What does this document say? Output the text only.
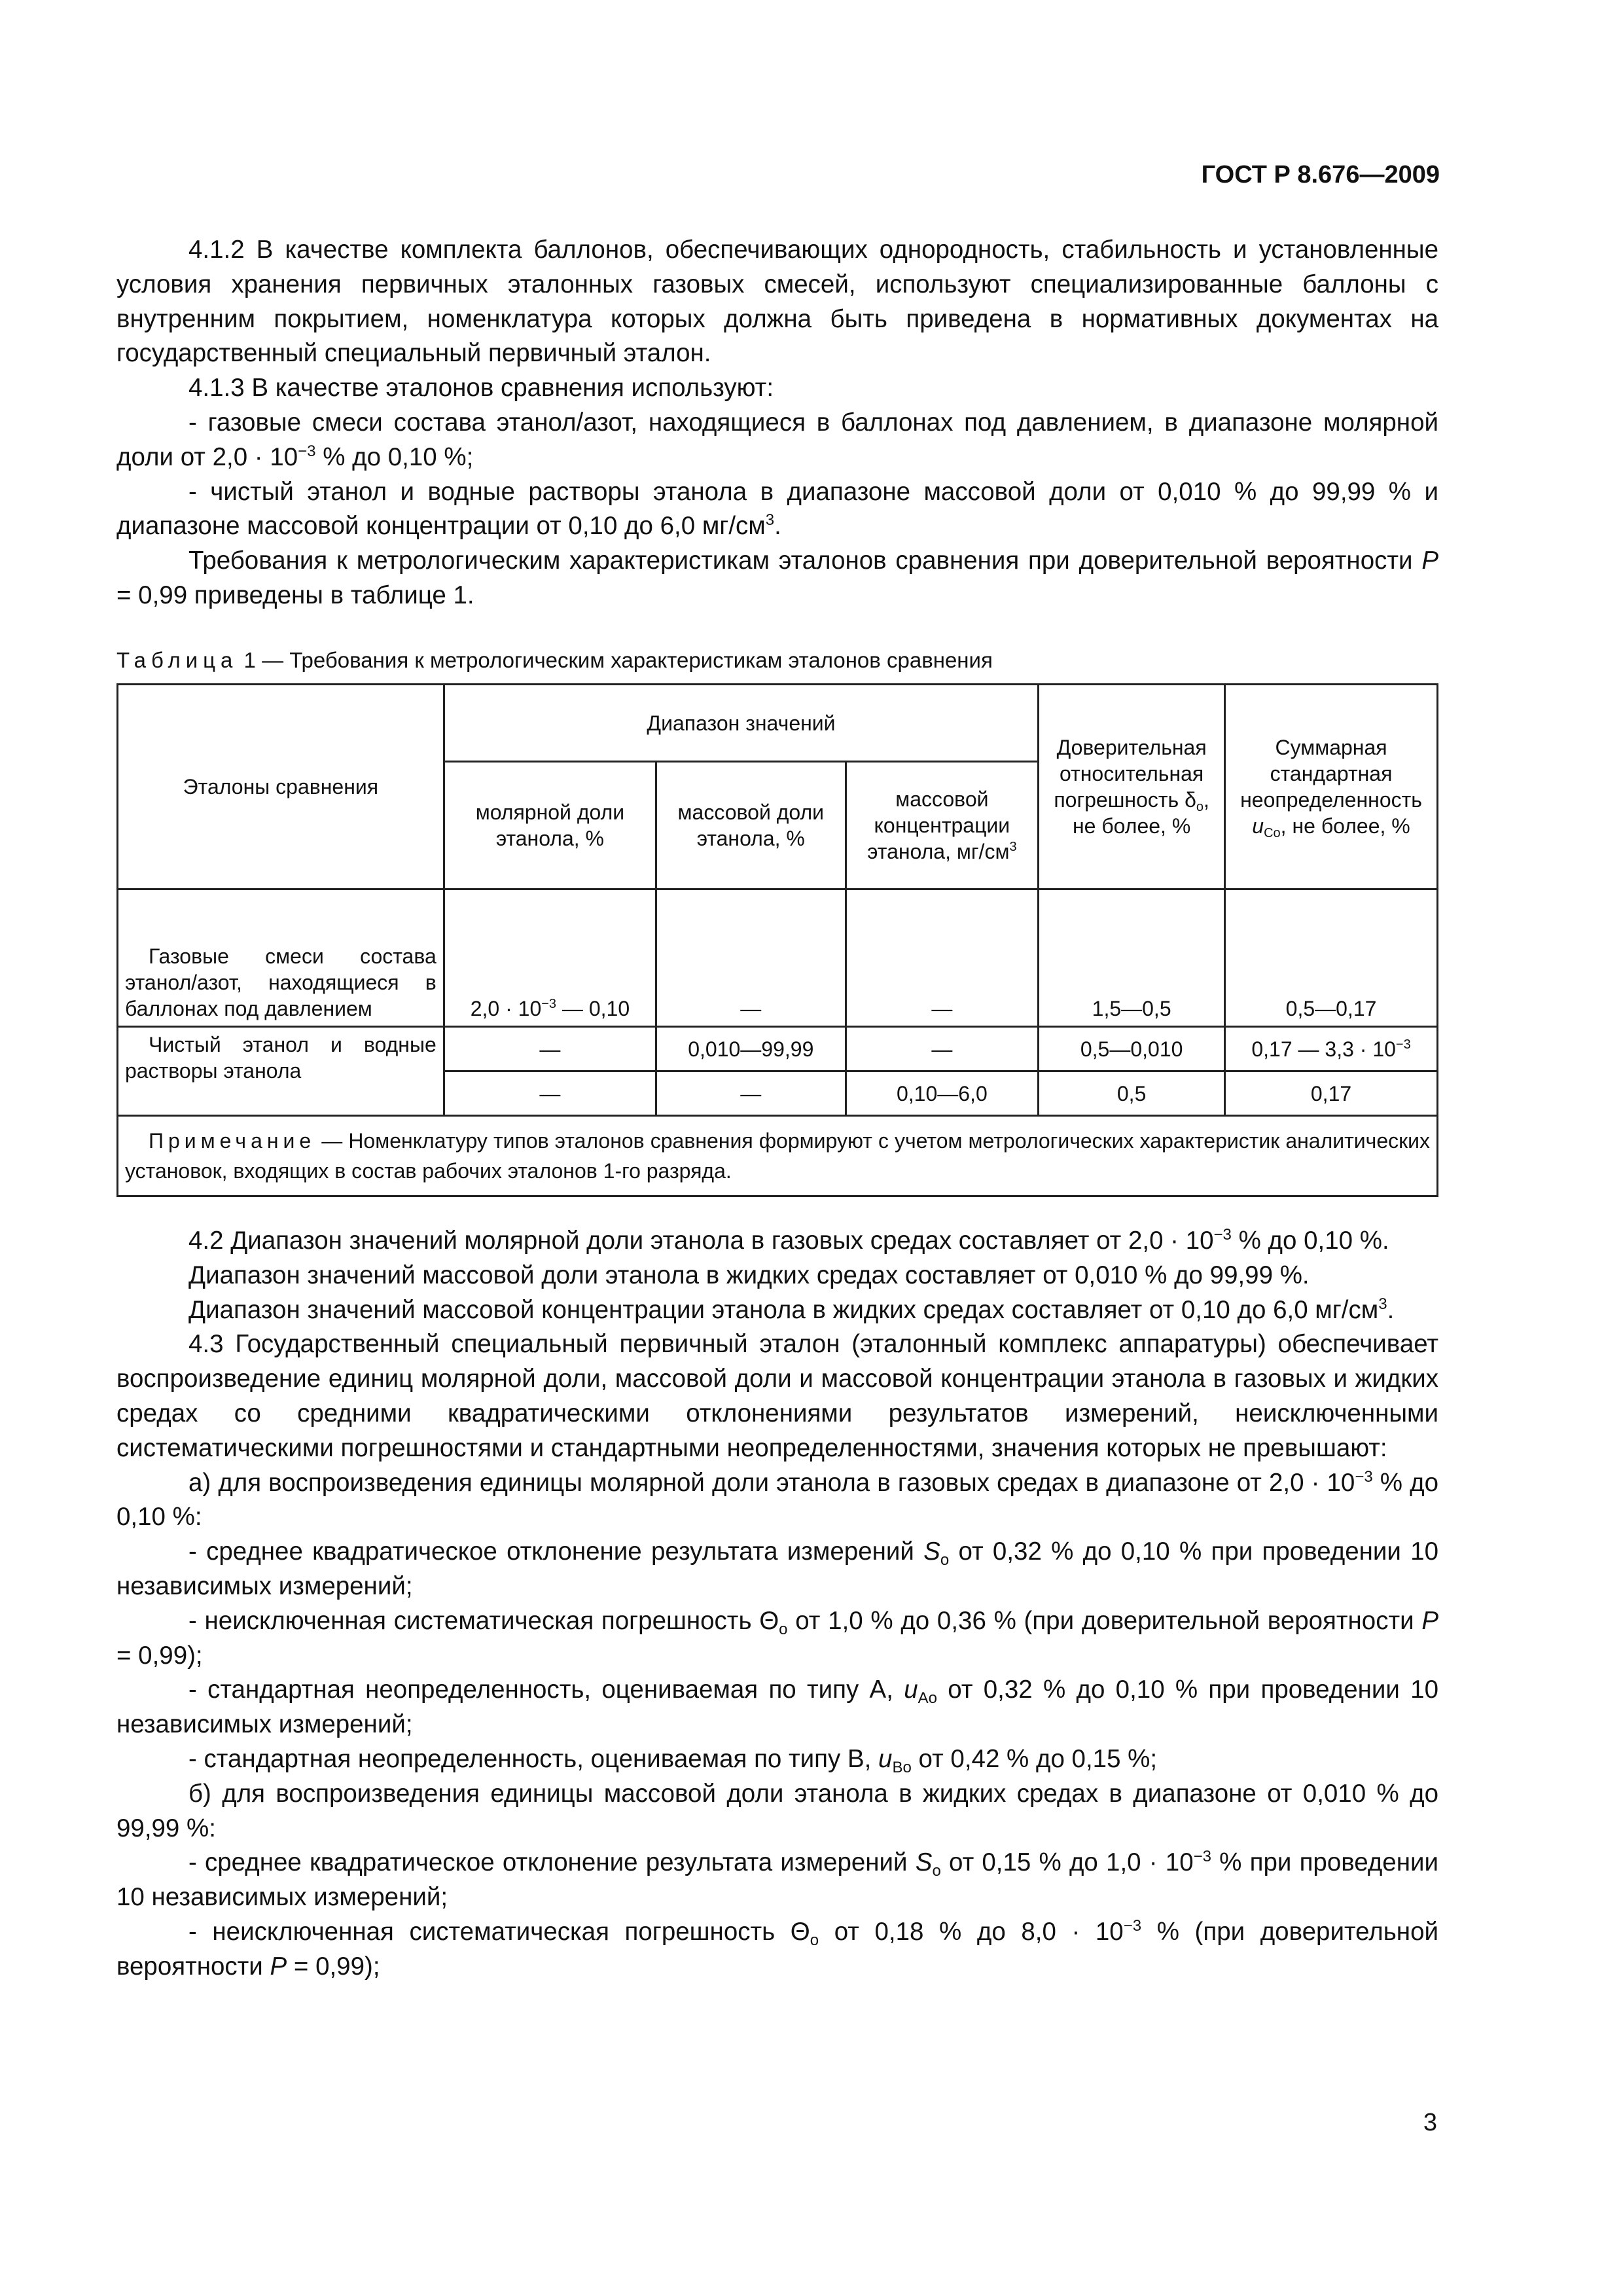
ГОСТ Р 8.676—2009

4.1.2 В качестве комплекта баллонов, обеспечивающих однородность, стабильность и установленные условия хранения первичных эталонных газовых смесей, используют специализированные баллоны с внутренним покрытием, номенклатура которых должна быть приведена в нормативных документах на государственный специальный первичный эталон.

4.1.3 В качестве эталонов сравнения используют:

- газовые смеси состава этанол/азот, находящиеся в баллонах под давлением, в диапазоне молярной доли от $2,0 \cdot 10^{-3}$ % до 0,10 %;

- чистый этанол и водные растворы этанола в диапазоне массовой доли от 0,010 % до 99,99 % и диапазоне массовой концентрации от 0,10 до 6,0 $мг/см^3$.

Требования к метрологическим характеристикам эталонов сравнения при доверительной вероятности P = 0,99 приведены в таблице 1.

Таблица 1 — Требования к метрологическим характеристикам эталонов сравнения
Эталоны сравнения	Диапазон значений			Доверительная относительная погрешность $\delta_о$, не более, %	Суммарная стандартная неопределенность $u_{Co}$, не более, %
	молярной доли этанола, %	массовой доли этанола, %	массовой концентрации этанола, $мг/см^3$
Газовые смеси состава этанол/азот, находящиеся в баллонах под давлением	$2,0 \cdot 10^{-3}$ — 0,10	—	—	1,5—0,5	0,5—0,17
Чистый этанол и водные растворы этанола	—	0,010—99,99	—	0,5—0,010	0,17 — $3,3 \cdot 10^{-3}$
	—	—	0,10—6,0	0,5	0,17
Примечание — Номенклатуру типов эталонов сравнения формируют с учетом метрологических характеристик аналитических установок, входящих в состав рабочих эталонов 1-го разряда.					

4.2 Диапазон значений молярной доли этанола в газовых средах составляет от $2,0 \cdot 10^{-3}$ % до 0,10 %.

Диапазон значений массовой доли этанола в жидких средах составляет от 0,010 % до 99,99 %.

Диапазон значений массовой концентрации этанола в жидких средах составляет от 0,10 до 6,0 $мг/см^3$.

4.3 Государственный специальный первичный эталон (эталонный комплекс аппаратуры) обеспечивает воспроизведение единиц молярной доли, массовой доли и массовой концентрации этанола в газовых и жидких средах со средними квадратическими отклонениями результатов измерений, неисключенными систематическими погрешностями и стандартными неопределенностями, значения которых не превышают:

а) для воспроизведения единицы молярной доли этанола в газовых средах в диапазоне от $2,0 \cdot 10^{-3}$ % до 0,10 %:

- среднее квадратическое отклонение результата измерений $S_о$ от 0,32 % до 0,10 % при проведении 10 независимых измерений;

- неисключенная систематическая погрешность $\Theta_о$ от 1,0 % до 0,36 % (при доверительной вероятности P = 0,99);

- стандартная неопределенность, оцениваемая по типу А, $u_{Ao}$ от 0,32 % до 0,10 % при проведении 10 независимых измерений;

- стандартная неопределенность, оцениваемая по типу В, $u_{Bo}$ от 0,42 % до 0,15 %;

б) для воспроизведения единицы массовой доли этанола в жидких средах в диапазоне от 0,010 % до 99,99 %:

- среднее квадратическое отклонение результата измерений $S_о$ от 0,15 % до $1,0 \cdot 10^{-3}$ % при проведении 10 независимых измерений;

- неисключенная систематическая погрешность $\Theta_о$ от 0,18 % до $8,0 \cdot 10^{-3}$ % (при доверительной вероятности P = 0,99);

3
